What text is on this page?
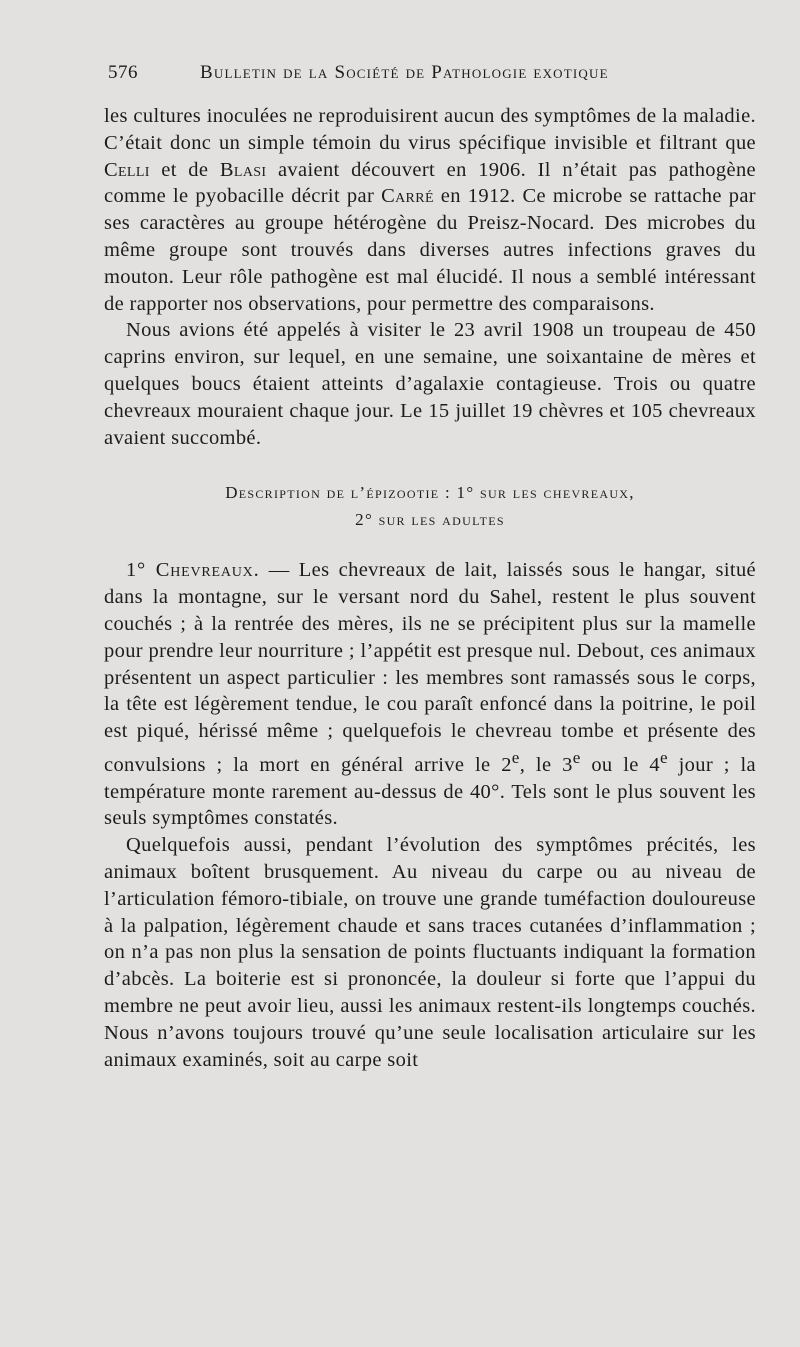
576	Bulletin de la Société de Pathologie exotique

les cultures inoculées ne reproduisirent aucun des symptômes de la maladie. C’était donc un simple témoin du virus spécifique invisible et filtrant que Celli et de Blasi avaient découvert en 1906. Il n’était pas pathogène comme le pyobacille décrit par Carré en 1912. Ce microbe se rattache par ses caractères au groupe hétérogène du Preisz-Nocard. Des microbes du même groupe sont trouvés dans diverses autres infections graves du mouton. Leur rôle pathogène est mal élucidé. Il nous a semblé intéressant de rapporter nos observations, pour permettre des comparaisons.

Nous avions été appelés à visiter le 23 avril 1908 un troupeau de 450 caprins environ, sur lequel, en une semaine, une soixantaine de mères et quelques boucs étaient atteints d’agalaxie contagieuse. Trois ou quatre chevreaux mouraient chaque jour. Le 15 juillet 19 chèvres et 105 chevreaux avaient succombé.

Description de l’épizootie : 1° sur les chevreaux,
2° sur les adultes

1° Chevreaux. — Les chevreaux de lait, laissés sous le hangar, situé dans la montagne, sur le versant nord du Sahel, restent le plus souvent couchés ; à la rentrée des mères, ils ne se précipitent plus sur la mamelle pour prendre leur nourriture ; l’appétit est presque nul. Debout, ces animaux présentent un aspect particulier : les membres sont ramassés sous le corps, la tête est légèrement tendue, le cou paraît enfoncé dans la poitrine, le poil est piqué, hérissé même ; quelquefois le chevreau tombe et présente des convulsions ; la mort en général arrive le 2e, le 3e ou le 4e jour ; la température monte rarement au-dessus de 40°. Tels sont le plus souvent les seuls symptômes constatés.

Quelquefois aussi, pendant l’évolution des symptômes précités, les animaux boîtent brusquement. Au niveau du carpe ou au niveau de l’articulation fémoro-tibiale, on trouve une grande tuméfaction douloureuse à la palpation, légèrement chaude et sans traces cutanées d’inflammation ; on n’a pas non plus la sensation de points fluctuants indiquant la formation d’abcès. La boiterie est si prononcée, la douleur si forte que l’appui du membre ne peut avoir lieu, aussi les animaux restent-ils longtemps couchés. Nous n’avons toujours trouvé qu’une seule localisation articulaire sur les animaux examinés, soit au carpe soit
